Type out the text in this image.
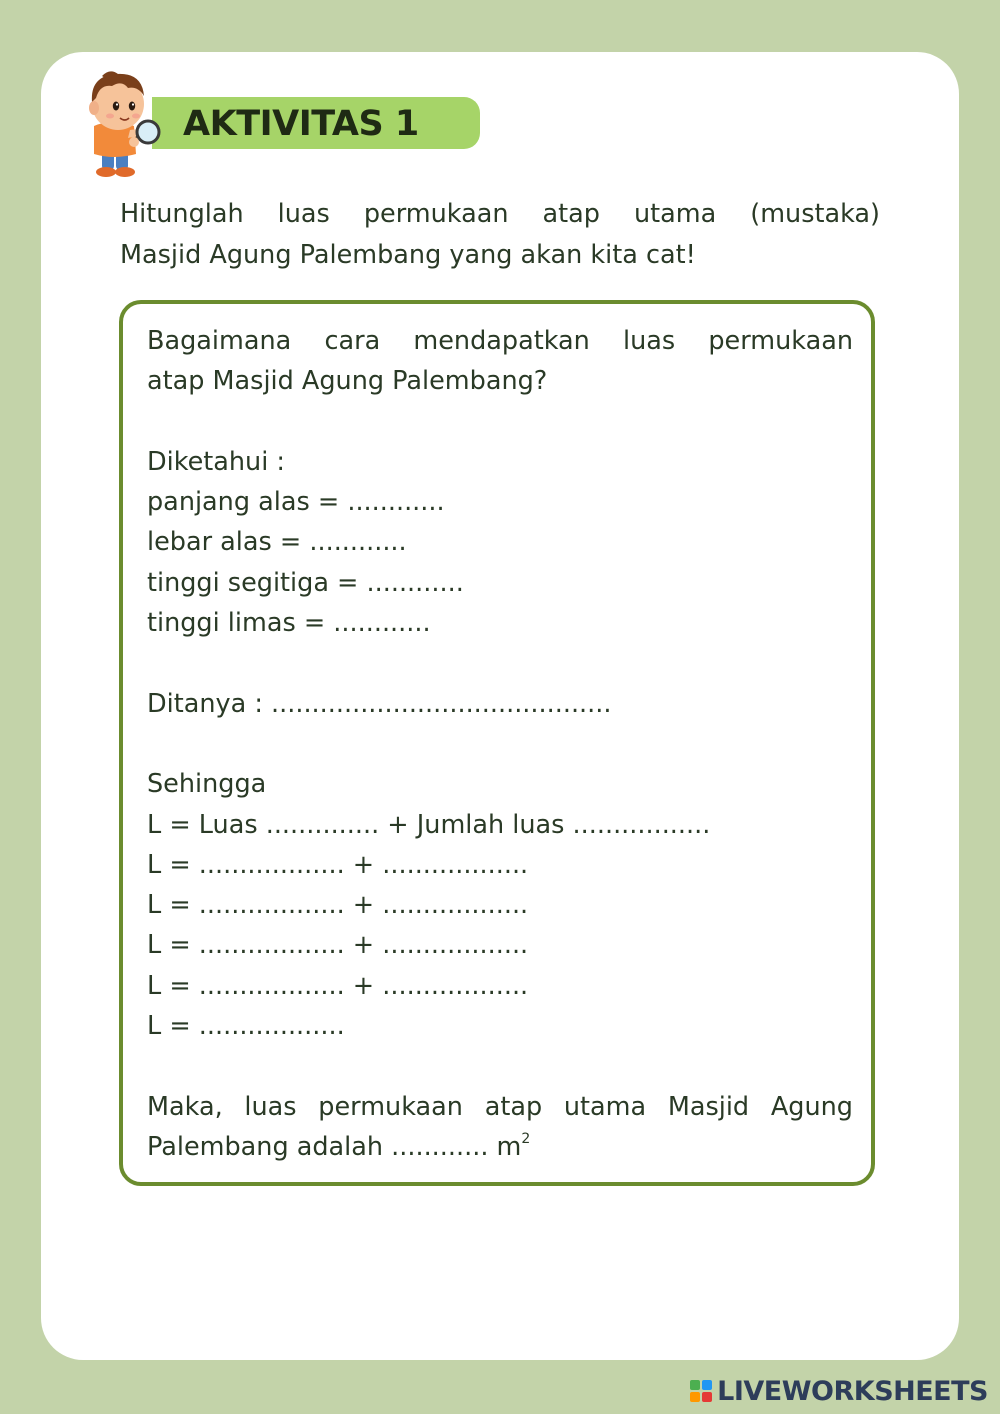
AKTIVITAS 1
Hitunglah luas permukaan atap utama (mustaka)
Masjid Agung Palembang yang akan kita cat!
Bagaimana cara mendapatkan luas permukaan
atap Masjid Agung Palembang?
Diketahui :
panjang alas = ............
lebar alas = ............
tinggi segitiga = ............
tinggi limas = ............
Ditanya : ..........................................
Sehingga
L = Luas .............. + Jumlah luas .................
L = .................. + ..................
L = .................. + ..................
L = .................. + ..................
L = .................. + ..................
L = ..................
Maka, luas permukaan atap utama Masjid Agung
Palembang adalah ............ $m^2$
LIVEWORKSHEETS
